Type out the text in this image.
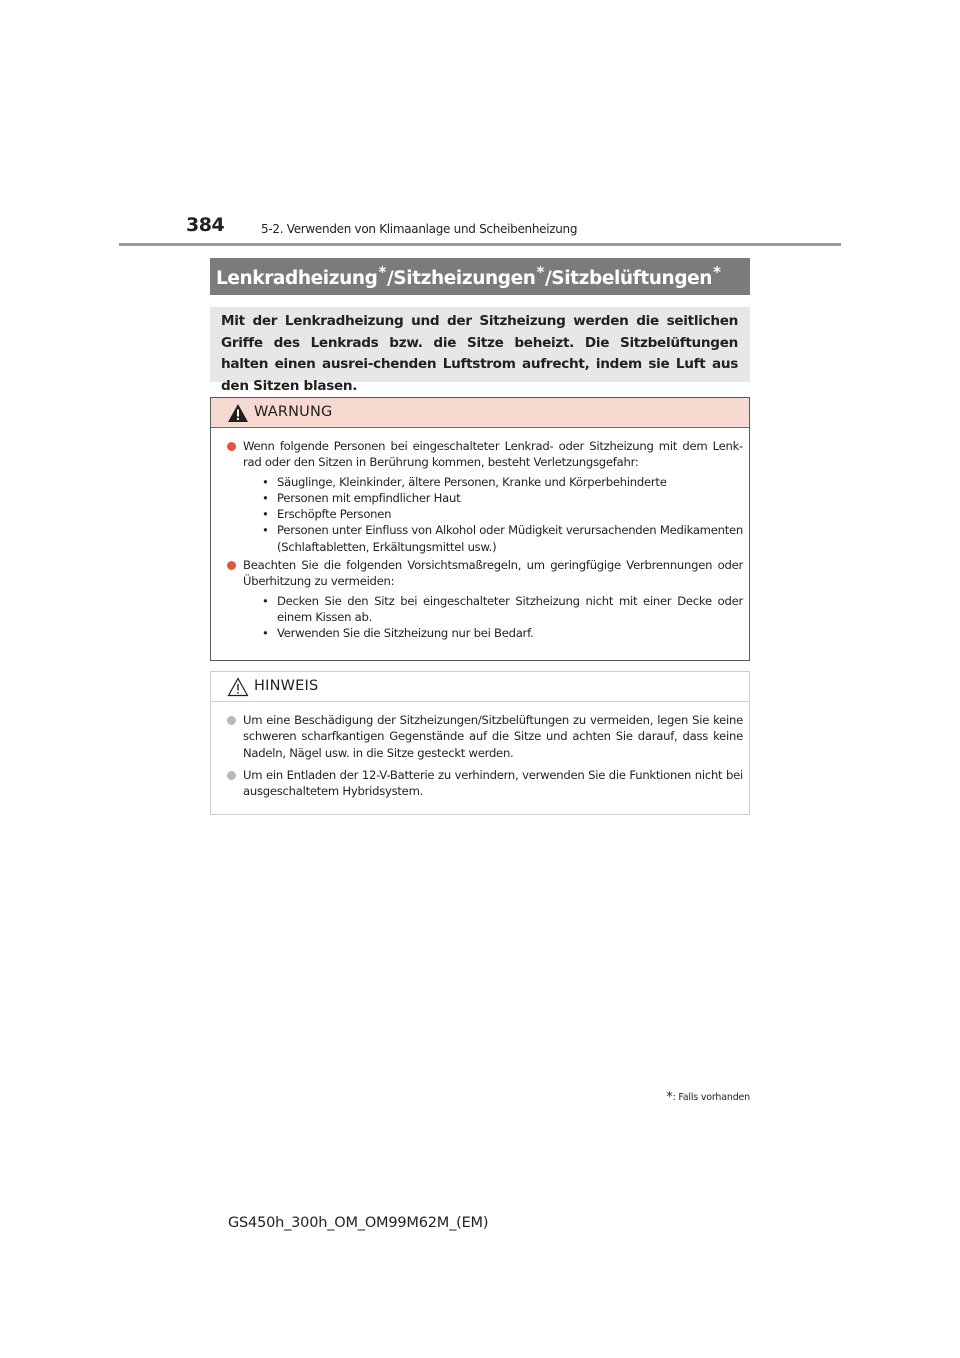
384	5-2. Verwenden von Klimaanlage und Scheibenheizung
Lenkradheizung*/Sitzheizungen*/Sitzbelüftungen*
Mit der Lenkradheizung und der Sitzheizung werden die seitlichen Griffe des Lenkrads bzw. die Sitze beheizt. Die Sitzbelüftungen halten einen ausrei-chenden Luftstrom aufrecht, indem sie Luft aus den Sitzen blasen.
WARNUNG
Wenn folgende Personen bei eingeschalteter Lenkrad- oder Sitzheizung mit dem Lenk-rad oder den Sitzen in Berührung kommen, besteht Verletzungsgefahr:
• Säuglinge, Kleinkinder, ältere Personen, Kranke und Körperbehinderte
• Personen mit empfindlicher Haut
• Erschöpfte Personen
• Personen unter Einfluss von Alkohol oder Müdigkeit verursachenden Medikamenten (Schlaftabletten, Erkältungsmittel usw.)
Beachten Sie die folgenden Vorsichtsmaßregeln, um geringfügige Verbrennungen oder Überhitzung zu vermeiden:
• Decken Sie den Sitz bei eingeschalteter Sitzheizung nicht mit einer Decke oder einem Kissen ab.
• Verwenden Sie die Sitzheizung nur bei Bedarf.
HINWEIS
Um eine Beschädigung der Sitzheizungen/Sitzbelüftungen zu vermeiden, legen Sie keine schweren scharfkantigen Gegenstände auf die Sitze und achten Sie darauf, dass keine Nadeln, Nägel usw. in die Sitze gesteckt werden.
Um ein Entladen der 12-V-Batterie zu verhindern, verwenden Sie die Funktionen nicht bei ausgeschaltetem Hybridsystem.
*: Falls vorhanden
GS450h_300h_OM_OM99M62M_(EM)
